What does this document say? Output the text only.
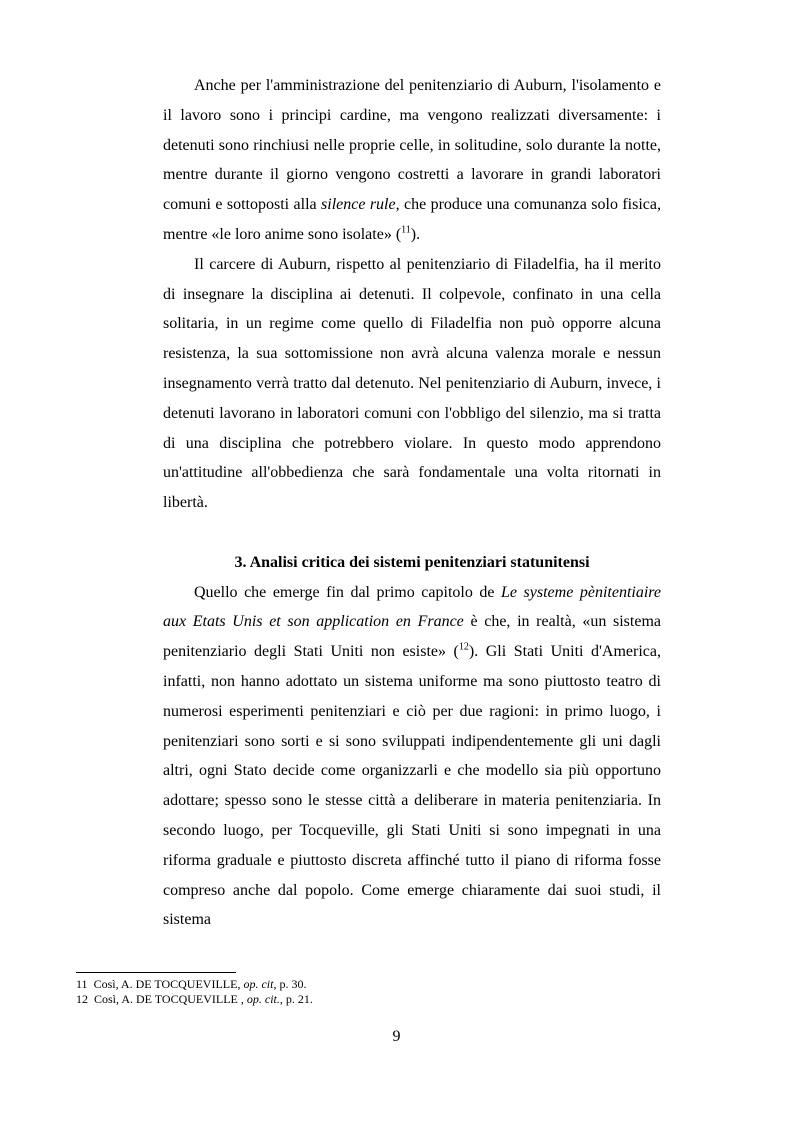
Anche per l'amministrazione del penitenziario di Auburn, l'isolamento e il lavoro sono i principi cardine, ma vengono realizzati diversamente: i detenuti sono rinchiusi nelle proprie celle, in solitudine, solo durante la notte, mentre durante il giorno vengono costretti a lavorare in grandi laboratori comuni e sottoposti alla silence rule, che produce una comunanza solo fisica, mentre «le loro anime sono isolate» ($^{11}$).

Il carcere di Auburn, rispetto al penitenziario di Filadelfia, ha il merito di insegnare la disciplina ai detenuti. Il colpevole, confinato in una cella solitaria, in un regime come quello di Filadelfia non può opporre alcuna resistenza, la sua sottomissione non avrà alcuna valenza morale e nessun insegnamento verrà tratto dal detenuto. Nel penitenziario di Auburn, invece, i detenuti lavorano in laboratori comuni con l'obbligo del silenzio, ma si tratta di una disciplina che potrebbero violare. In questo modo apprendono un'attitudine all'obbedienza che sarà fondamentale una volta ritornati in libertà.

3. Analisi critica dei sistemi penitenziari statunitensi

Quello che emerge fin dal primo capitolo de Le systeme pènitentiaire aux Etats Unis et son application en France è che, in realtà, «un sistema penitenziario degli Stati Uniti non esiste» ($^{12}$). Gli Stati Uniti d'America, infatti, non hanno adottato un sistema uniforme ma sono piuttosto teatro di numerosi esperimenti penitenziari e ciò per due ragioni: in primo luogo, i penitenziari sono sorti e si sono sviluppati indipendentemente gli uni dagli altri, ogni Stato decide come organizzarli e che modello sia più opportuno adottare; spesso sono le stesse città a deliberare in materia penitenziaria. In secondo luogo, per Tocqueville, gli Stati Uniti si sono impegnati in una riforma graduale e piuttosto discreta affinché tutto il piano di riforma fosse compreso anche dal popolo. Come emerge chiaramente dai suoi studi, il sistema

11 Così, A. DE TOCQUEVILLE, op. cit, p. 30.
12 Così, A. DE TOCQUEVILLE , op. cit., p. 21.
9
